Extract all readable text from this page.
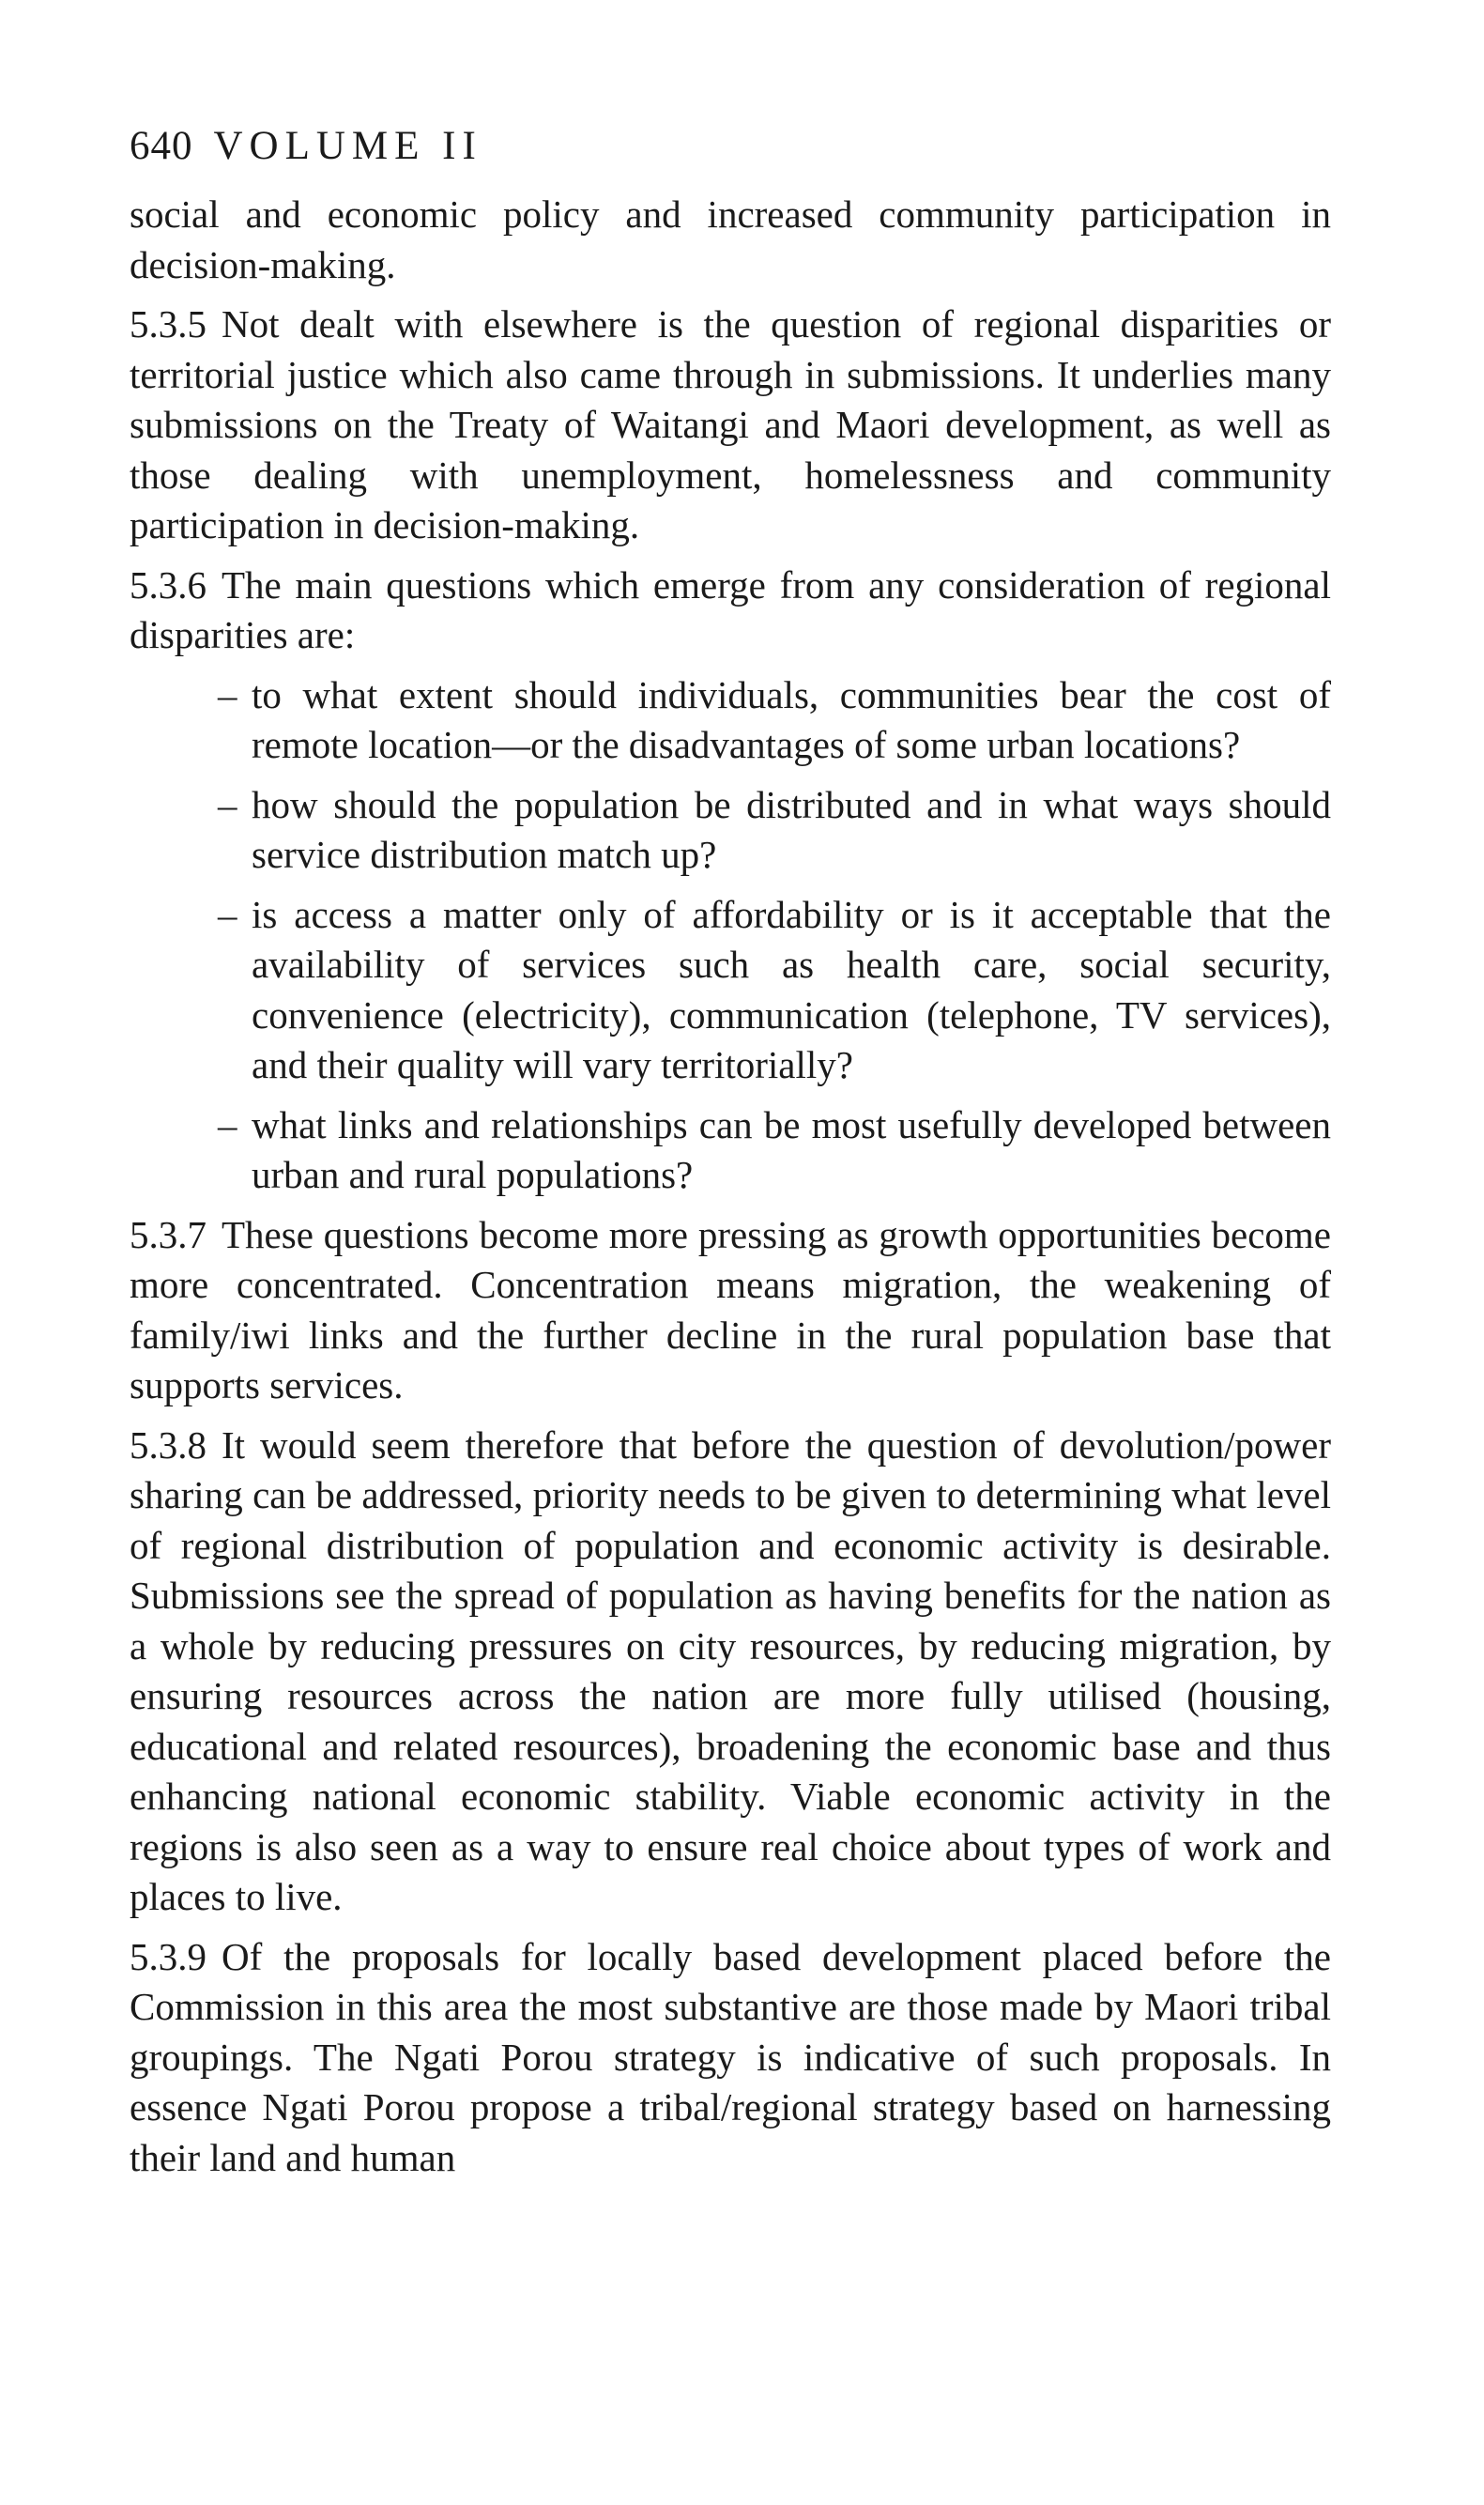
640 VOLUME II

social and economic policy and increased community participation in decision-making.

5.3.5 Not dealt with elsewhere is the question of regional disparities or territorial justice which also came through in submissions. It underlies many submissions on the Treaty of Waitangi and Maori development, as well as those dealing with unemployment, homelessness and community participation in decision-making.

5.3.6 The main questions which emerge from any consideration of regional disparities are:

– to what extent should individuals, communities bear the cost of remote location—or the disadvantages of some urban locations?
– how should the population be distributed and in what ways should service distribution match up?
– is access a matter only of affordability or is it acceptable that the availability of services such as health care, social security, convenience (electricity), communication (telephone, TV services), and their quality will vary territorially?
– what links and relationships can be most usefully developed between urban and rural populations?

5.3.7 These questions become more pressing as growth opportunities become more concentrated. Concentration means migration, the weakening of family/iwi links and the further decline in the rural population base that supports services.

5.3.8 It would seem therefore that before the question of devolution/power sharing can be addressed, priority needs to be given to determining what level of regional distribution of population and economic activity is desirable. Submissions see the spread of population as having benefits for the nation as a whole by reducing pressures on city resources, by reducing migration, by ensuring resources across the nation are more fully utilised (housing, educational and related resources), broadening the economic base and thus enhancing national economic stability. Viable economic activity in the regions is also seen as a way to ensure real choice about types of work and places to live.

5.3.9 Of the proposals for locally based development placed before the Commission in this area the most substantive are those made by Maori tribal groupings. The Ngati Porou strategy is indicative of such proposals. In essence Ngati Porou propose a tribal/regional strategy based on harnessing their land and human
